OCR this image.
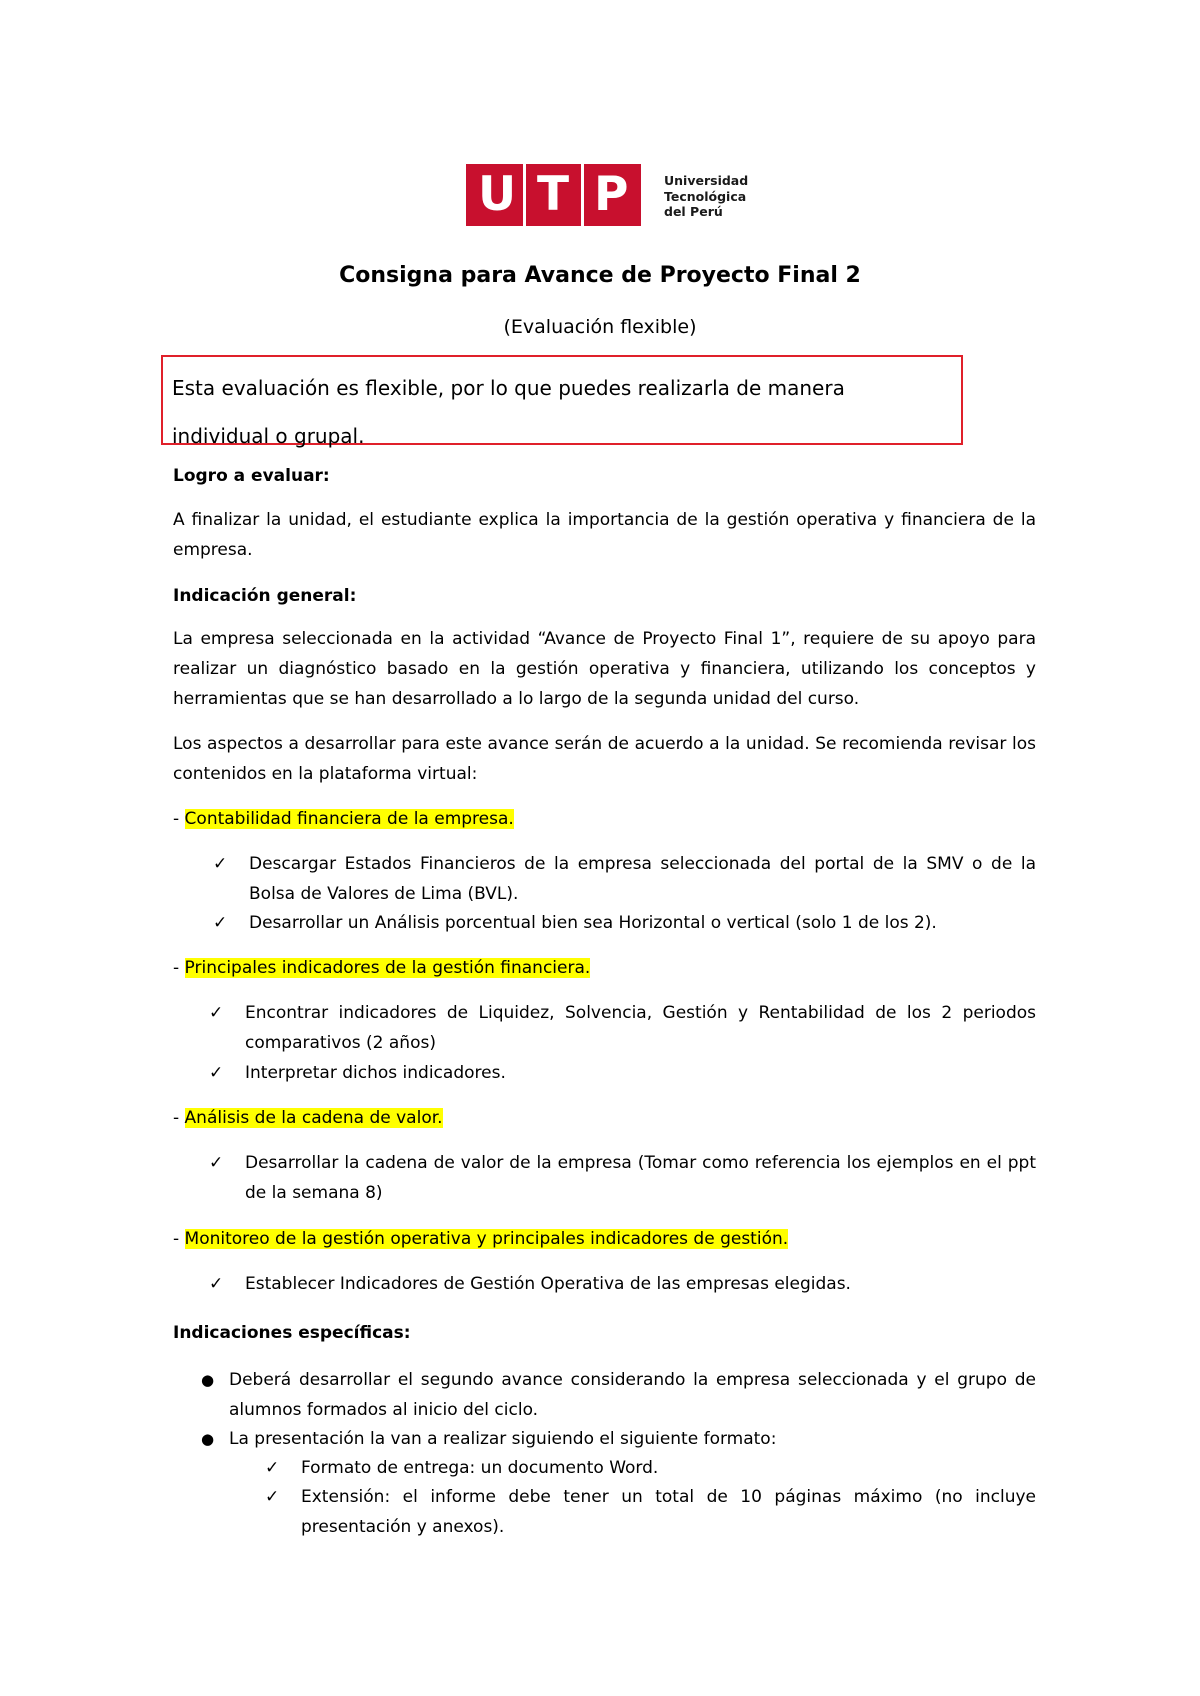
U T P	Universidad
Tecnológica
del Perú
Consigna para Avance de Proyecto Final 2
(Evaluación flexible)
Esta evaluación es flexible, por lo que puedes realizarla de manera individual o grupal.
Logro a evaluar:
A finalizar la unidad, el estudiante explica la importancia de la gestión operativa y financiera de la empresa.
Indicación general:
La empresa seleccionada en la actividad “Avance de Proyecto Final 1”, requiere de su apoyo para realizar un diagnóstico basado en la gestión operativa y financiera, utilizando los conceptos y herramientas que se han desarrollado a lo largo de la segunda unidad del curso.
Los aspectos a desarrollar para este avance serán de acuerdo a la unidad. Se recomienda revisar los contenidos en la plataforma virtual:
- Contabilidad financiera de la empresa.
✓ Descargar Estados Financieros de la empresa seleccionada del portal de la SMV o de la Bolsa de Valores de Lima (BVL).
✓ Desarrollar un Análisis porcentual bien sea Horizontal o vertical (solo 1 de los 2).
- Principales indicadores de la gestión financiera.
✓ Encontrar indicadores de Liquidez, Solvencia, Gestión y Rentabilidad de los 2 periodos comparativos (2 años)
✓ Interpretar dichos indicadores.
- Análisis de la cadena de valor.
✓ Desarrollar la cadena de valor de la empresa (Tomar como referencia los ejemplos en el ppt de la semana 8)
- Monitoreo de la gestión operativa y principales indicadores de gestión.
✓ Establecer Indicadores de Gestión Operativa de las empresas elegidas.
Indicaciones específicas:
● Deberá desarrollar el segundo avance considerando la empresa seleccionada y el grupo de alumnos formados al inicio del ciclo.
● La presentación la van a realizar siguiendo el siguiente formato:
✓ Formato de entrega: un documento Word.
✓ Extensión: el informe debe tener un total de 10 páginas máximo (no incluye presentación y anexos).
